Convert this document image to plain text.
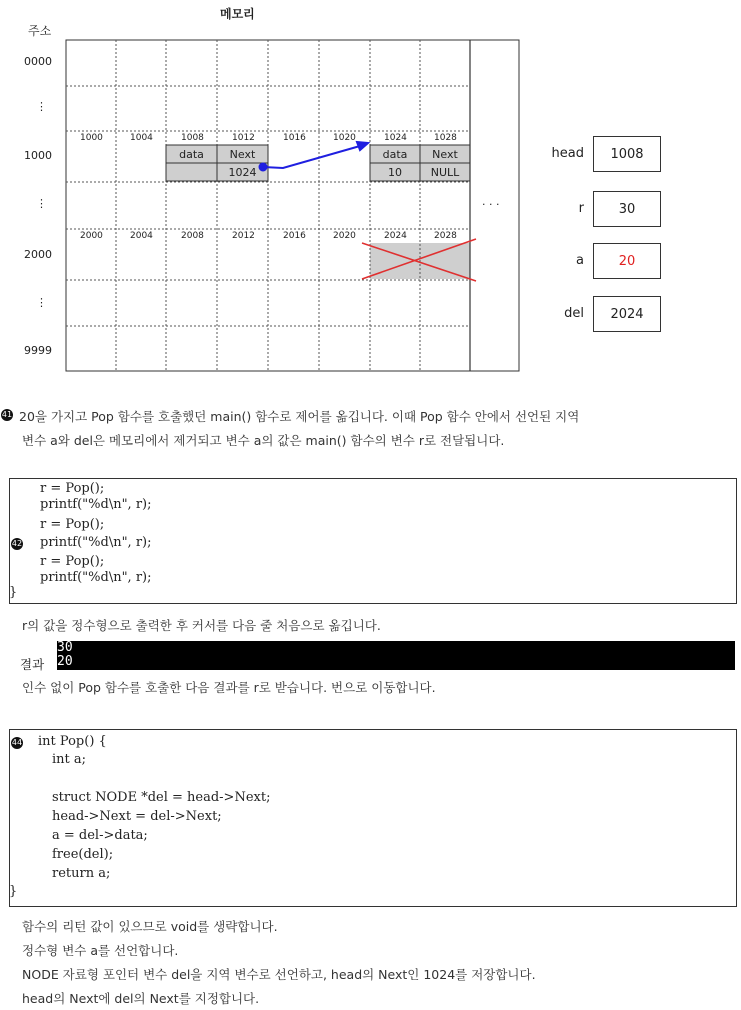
메모리
주소
0000
⋮
1000
⋮
2000
⋮
9999
1000	1004	1008	1012	1016	1020	1024	1028
2000	2004	2008	2012	2016	2020	2024	2028
data	Next
1024
data	Next
10	NULL
· · ·
head 1008
r	30
a	20
del 2024
41 20을 가지고 Pop 함수를 호출했던 main() 함수로 제어를 옮깁니다. 이때 Pop 함수 안에서 선언된 지역
변수 a와 del은 메모리에서 제거되고 변수 a의 값은 main() 함수의 변수 r로 전달됩니다.
r = Pop();
printf("%d\n", r);
r = Pop();
42 printf("%d\n", r);
r = Pop();
printf("%d\n", r);
}
r의 값을 정수형으로 출력한 후 커서를 다음 줄 처음으로 옮깁니다.
30
20
결과
인수 없이 Pop 함수를 호출한 다음 결과를 r로 받습니다. 번으로 이동합니다.
44 int Pop() {
int a;
struct NODE *del = head->Next;
head->Next = del->Next;
a = del->data;
free(del);
return a;
}
함수의 리턴 값이 있으므로 void를 생략합니다.
정수형 변수 a를 선언합니다.
NODE 자료형 포인터 변수 del을 지역 변수로 선언하고, head의 Next인 1024를 저장합니다.
head의 Next에 del의 Next를 지정합니다.
